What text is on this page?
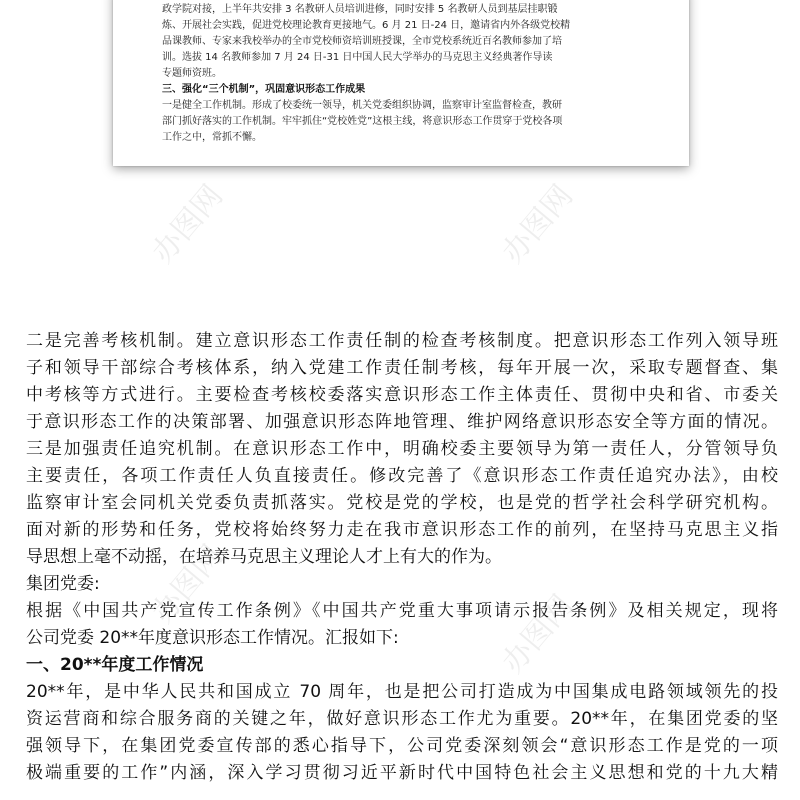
政学院对接，上半年共安排 3 名教研人员培训进修，同时安排 5 名教研人员到基层挂职锻

炼、开展社会实践，促进党校理论教育更接地气。6 月 21 日-24 日，邀请省内外各级党校精

品课教师、专家来我校举办的全市党校师资培训班授课，全市党校系统近百名教师参加了培

训。选拔 14 名教师参加 7 月 24 日-31 日中国人民大学举办的马克思主义经典著作导读

专题师资班。

三、强化“三个机制”，巩固意识形态工作成果

一是健全工作机制。形成了校委统一领导，机关党委组织协调，监察审计室监督检查，教研

部门抓好落实的工作机制。牢牢抓住“党校姓党”这根主线，将意识形态工作贯穿于党校各项

工作之中，常抓不懈。

办图网
办图网

二是完善考核机制。建立意识形态工作责任制的检查考核制度。把意识形态工作列入领导班

子和领导干部综合考核体系，纳入党建工作责任制考核，每年开展一次，采取专题督查、集

中考核等方式进行。主要检查考核校委落实意识形态工作主体责任、贯彻中央和省、市委关

于意识形态工作的决策部署、加强意识形态阵地管理、维护网络意识形态安全等方面的情况。

三是加强责任追究机制。在意识形态工作中，明确校委主要领导为第一责任人，分管领导负

主要责任，各项工作责任人负直接责任。修改完善了《意识形态工作责任追究办法》，由校

监察审计室会同机关党委负责抓落实。党校是党的学校，也是党的哲学社会科学研究机构。

面对新的形势和任务，党校将始终努力走在我市意识形态工作的前列，在坚持马克思主义指

导思想上毫不动摇，在培养马克思主义理论人才上有大的作为。

集团党委:

根据《中国共产党宣传工作条例》《中国共产党重大事项请示报告条例》及相关规定，现将

公司党委 20**年度意识形态工作情况。汇报如下:

一、20**年度工作情况

20**年，是中华人民共和国成立 70 周年，也是把公司打造成为中国集成电路领域领先的投

资运营商和综合服务商的关键之年，做好意识形态工作尤为重要。20**年，在集团党委的坚

强领导下，在集团党委宣传部的悉心指导下，公司党委深刻领会“意识形态工作是党的一项

极端重要的工作”内涵，深入学习贯彻习近平新时代中国特色社会主义思想和党的十九大精
